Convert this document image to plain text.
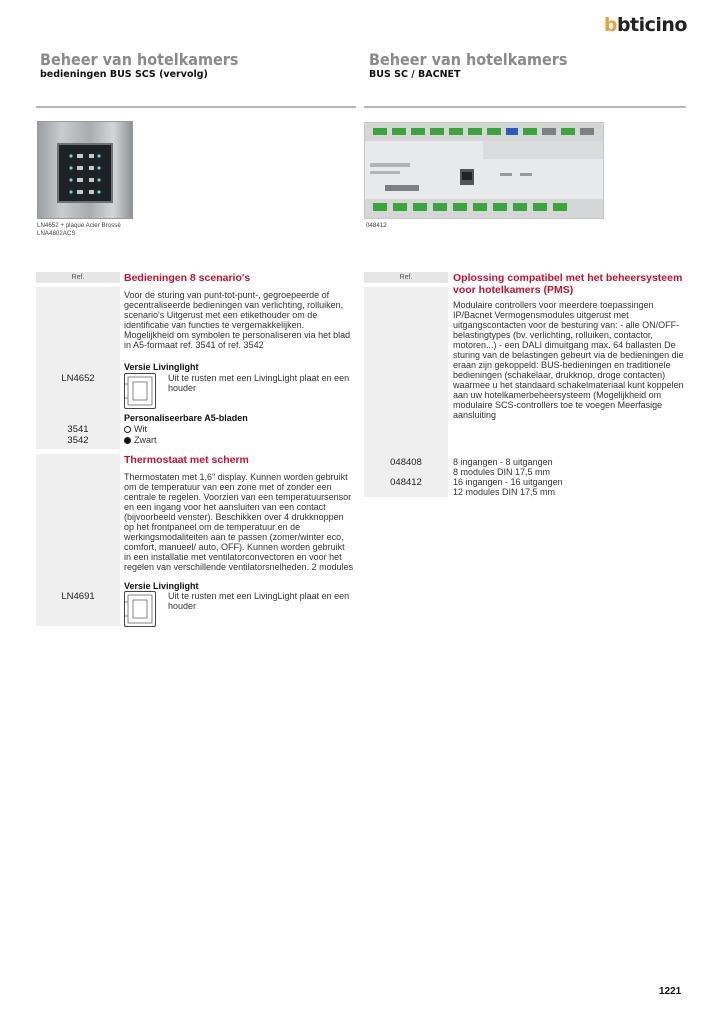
bbticino
Beheer van hotelkamers
bedieningen BUS SCS (vervolg)
Beheer van hotelkamers
BUS SC / BACNET
LN4652 + plaque Acier Brossé
LNA4802ACS
048412
Ref.	Bedieningen 8 scenario's
Voor de sturing van punt-tot-punt-, gegroepeerde of gecentraliseerde bedieningen van verlichting, rolluiken, scenario's Uitgerust met een etikethouder om de identificatie van functies te vergemakkelijken. Mogelijkheid om symbolen te personaliseren via het blad in A5-formaat ref. 3541 of ref. 3542
LN4652
Versie Livinglight
Uit te rusten met een LivingLight plaat en een houder
Personaliseerbare A5-bladen
3541	Wit
3542	Zwart
Thermostaat met scherm
Thermostaten met 1,6" display. Kunnen worden gebruikt om de temperatuur van een zone met of zonder een centrale te regelen. Voorzien van een temperatuursensor en een ingang voor het aansluiten van een contact (bijvoorbeeld venster). Beschikken over 4 drukknoppen op het frontpaneel om de temperatuur en de werkingsmodaliteiten aan te passen (zomer/winter eco, comfort, manueel/ auto, OFF). Kunnen worden gebruikt in een installatie met ventilatorconvectoren en voor het regelen van verschillende ventilatorsnelheden. 2 modules
LN4691
Versie Livinglight
Uit te rusten met een LivingLight plaat en een houder
Ref.	Oplossing compatibel met het beheersysteem voor hotelkamers (PMS)
Modulaire controllers voor meerdere toepassingen IP/Bacnet Vermogensmodules uitgerust met uitgangscontacten voor de besturing van: - alle ON/OFF-belastingtypes (bv. verlichting, rolluiken, contactor, motoren...) - een DALI dimuitgang max. 64 ballasten De sturing van de belastingen gebeurt via de bedieningen die eraan zijn gekoppeld: BUS-bedieningen en traditionele bedieningen (schakelaar, drukknop, droge contacten) waarmee u het standaard schakelmateriaal kunt koppelen aan uw hotelkamerbeheersysteem (Mogelijkheid om modulaire SCS-controllers toe te voegen Meerfasige aansluiting
048408	8 ingangen - 8 uitgangen
8 modules DIN 17,5 mm
048412	16 ingangen - 16 uitgangen
12 modules DIN 17,5 mm
1221
